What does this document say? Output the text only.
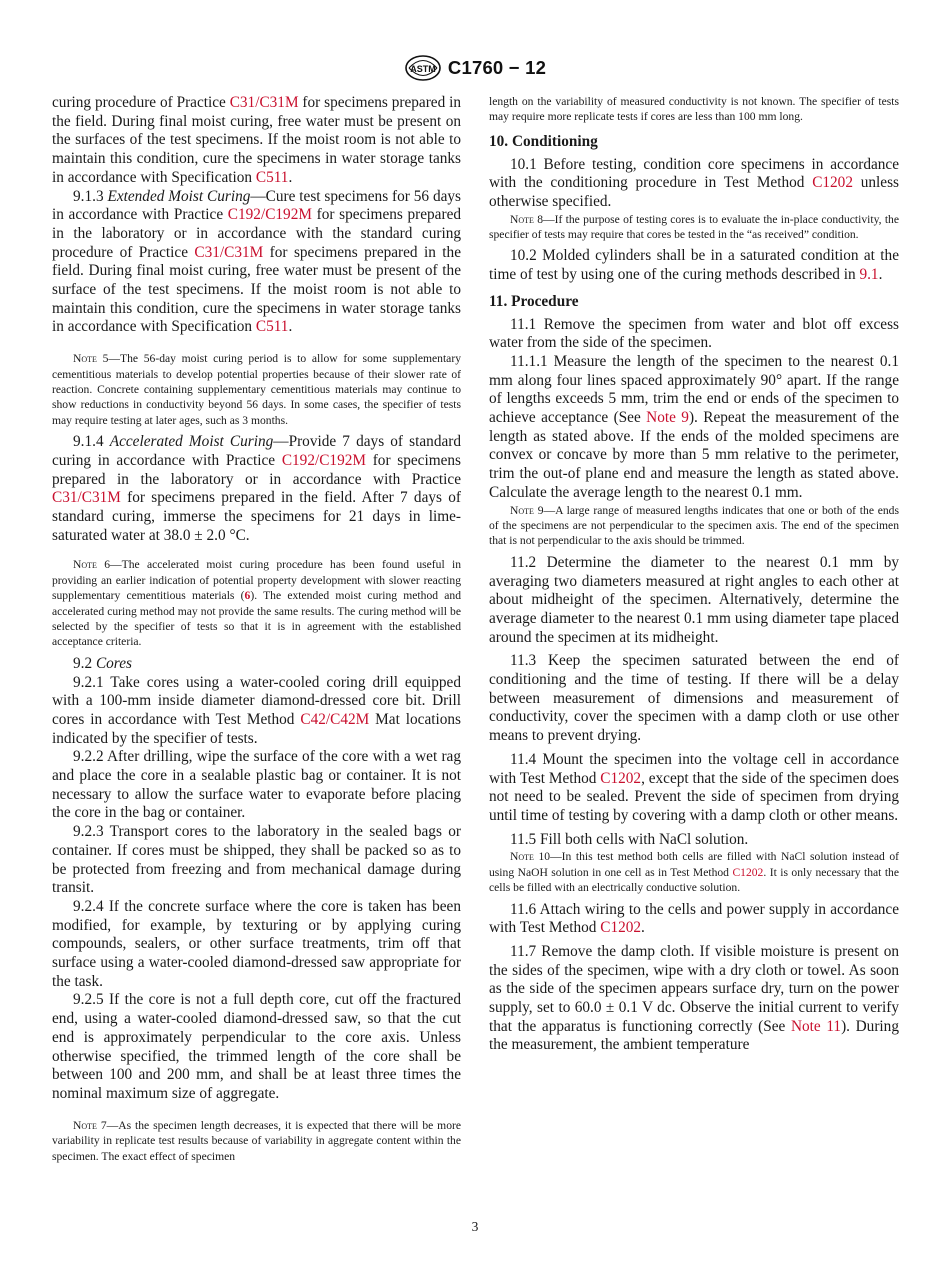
ASTM C1760 − 12

curing procedure of Practice C31/C31M for specimens prepared in the field. During final moist curing, free water must be present on the surfaces of the test specimens. If the moist room is not able to maintain this condition, cure the specimens in water storage tanks in accordance with Specification C511.

9.1.3 Extended Moist Curing—Cure test specimens for 56 days in accordance with Practice C192/C192M for specimens prepared in the laboratory or in accordance with the standard curing procedure of Practice C31/C31M for specimens prepared in the field. During final moist curing, free water must be present of the surface of the test specimens. If the moist room is not able to maintain this condition, cure the specimens in water storage tanks in accordance with Specification C511.

Note 5—The 56-day moist curing period is to allow for some supplementary cementitious materials to develop potential properties because of their slower rate of reaction. Concrete containing supplementary cementitious materials may continue to show reductions in conductivity beyond 56 days. In some cases, the specifier of tests may require testing at later ages, such as 3 months.

9.1.4 Accelerated Moist Curing—Provide 7 days of standard curing in accordance with Practice C192/C192M for specimens prepared in the laboratory or in accordance with Practice C31/C31M for specimens prepared in the field. After 7 days of standard curing, immerse the specimens for 21 days in lime-saturated water at 38.0 ± 2.0 °C.

Note 6—The accelerated moist curing procedure has been found useful in providing an earlier indication of potential property development with slower reacting supplementary cementitious materials (6). The extended moist curing method and accelerated curing method may not provide the same results. The curing method will be selected by the specifier of tests so that it is in agreement with the established acceptance criteria.

9.2 Cores

9.2.1 Take cores using a water-cooled coring drill equipped with a 100-mm inside diameter diamond-dressed core bit. Drill cores in accordance with Test Method C42/C42M Mat locations indicated by the specifier of tests.

9.2.2 After drilling, wipe the surface of the core with a wet rag and place the core in a sealable plastic bag or container. It is not necessary to allow the surface water to evaporate before placing the core in the bag or container.

9.2.3 Transport cores to the laboratory in the sealed bags or container. If cores must be shipped, they shall be packed so as to be protected from freezing and from mechanical damage during transit.

9.2.4 If the concrete surface where the core is taken has been modified, for example, by texturing or by applying curing compounds, sealers, or other surface treatments, trim off that surface using a water-cooled diamond-dressed saw appropriate for the task.

9.2.5 If the core is not a full depth core, cut off the fractured end, using a water-cooled diamond-dressed saw, so that the cut end is approximately perpendicular to the core axis. Unless otherwise specified, the trimmed length of the core shall be between 100 and 200 mm, and shall be at least three times the nominal maximum size of aggregate.

Note 7—As the specimen length decreases, it is expected that there will be more variability in replicate test results because of variability in aggregate content within the specimen. The exact effect of specimen

length on the variability of measured conductivity is not known. The specifier of tests may require more replicate tests if cores are less than 100 mm long.

10. Conditioning

10.1 Before testing, condition core specimens in accordance with the conditioning procedure in Test Method C1202 unless otherwise specified.

Note 8—If the purpose of testing cores is to evaluate the in-place conductivity, the specifier of tests may require that cores be tested in the “as received” condition.

10.2 Molded cylinders shall be in a saturated condition at the time of test by using one of the curing methods described in 9.1.

11. Procedure

11.1 Remove the specimen from water and blot off excess water from the side of the specimen.

11.1.1 Measure the length of the specimen to the nearest 0.1 mm along four lines spaced approximately 90° apart. If the range of lengths exceeds 5 mm, trim the end or ends of the specimen to achieve acceptance (See Note 9). Repeat the measurement of the length as stated above. If the ends of the molded specimens are convex or concave by more than 5 mm relative to the perimeter, trim the out-of plane end and measure the length as stated above. Calculate the average length to the nearest 0.1 mm.

Note 9—A large range of measured lengths indicates that one or both of the ends of the specimens are not perpendicular to the specimen axis. The end of the specimen that is not perpendicular to the axis should be trimmed.

11.2 Determine the diameter to the nearest 0.1 mm by averaging two diameters measured at right angles to each other at about midheight of the specimen. Alternatively, determine the average diameter to the nearest 0.1 mm using diameter tape placed around the specimen at its midheight.

11.3 Keep the specimen saturated between the end of conditioning and the time of testing. If there will be a delay between measurement of dimensions and measurement of conductivity, cover the specimen with a damp cloth or use other means to prevent drying.

11.4 Mount the specimen into the voltage cell in accordance with Test Method C1202, except that the side of the specimen does not need to be sealed. Prevent the side of specimen from drying until time of testing by covering with a damp cloth or other means.

11.5 Fill both cells with NaCl solution.

Note 10—In this test method both cells are filled with NaCl solution instead of using NaOH solution in one cell as in Test Method C1202. It is only necessary that the cells be filled with an electrically conductive solution.

11.6 Attach wiring to the cells and power supply in accordance with Test Method C1202.

11.7 Remove the damp cloth. If visible moisture is present on the sides of the specimen, wipe with a dry cloth or towel. As soon as the side of the specimen appears surface dry, turn on the power supply, set to 60.0 ± 0.1 V dc. Observe the initial current to verify that the apparatus is functioning correctly (See Note 11). During the measurement, the ambient temperature

3
